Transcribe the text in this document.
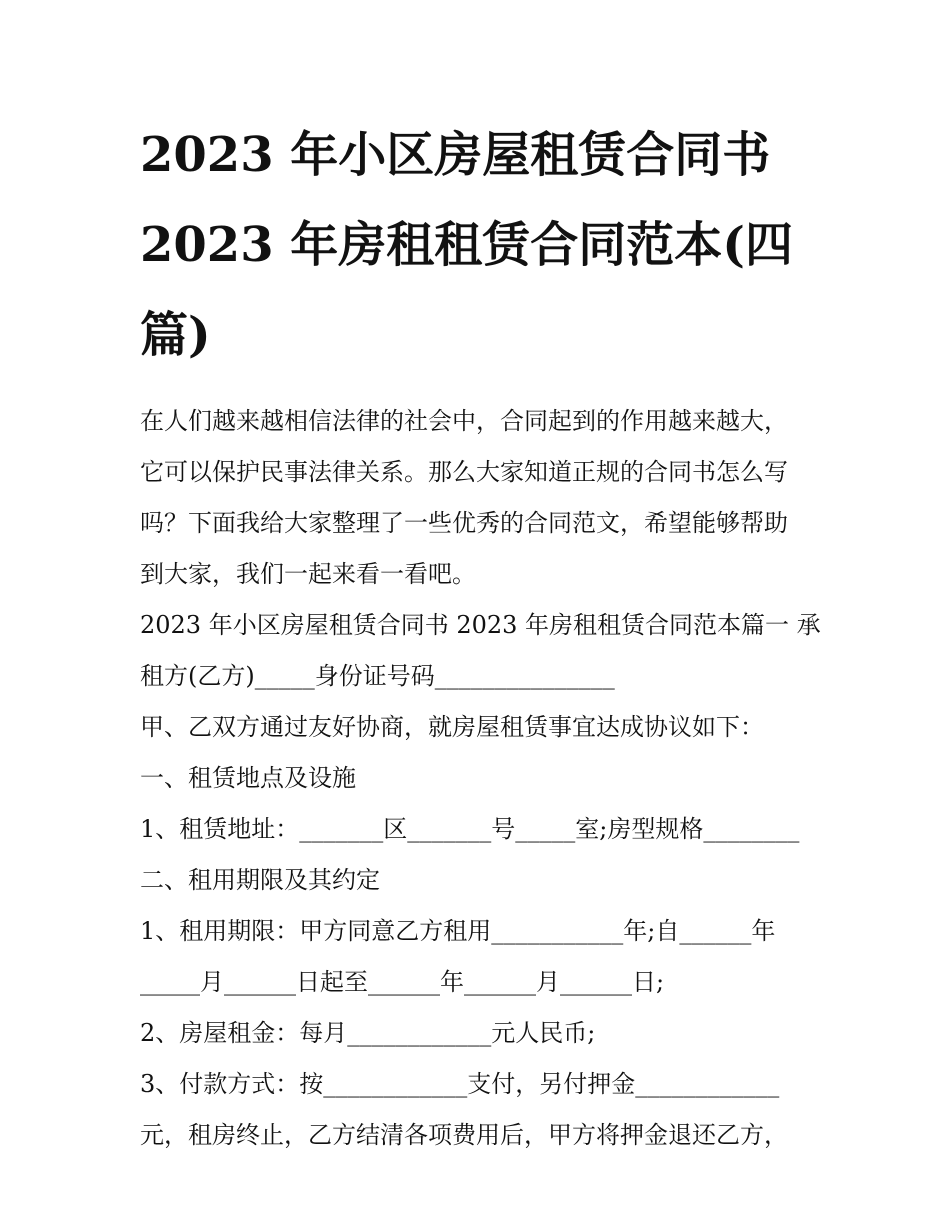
2023 年小区房屋租赁合同书
2023 年房租租赁合同范本(四
篇)

在人们越来越相信法律的社会中，合同起到的作用越来越大，

它可以保护民事法律关系。那么大家知道正规的合同书怎么写

吗？下面我给大家整理了一些优秀的合同范文，希望能够帮助

到大家，我们一起来看一看吧。

2023 年小区房屋租赁合同书 2023 年房租租赁合同范本篇一 承

租方(乙方)_____身份证号码_______________

甲、乙双方通过友好协商，就房屋租赁事宜达成协议如下：

一、租赁地点及设施

1、租赁地址：_______区_______号_____室;房型规格________

二、租用期限及其约定

1、租用期限：甲方同意乙方租用___________年;自______年

_____月______日起至______年______月______日;

2、房屋租金：每月____________元人民币;

3、付款方式：按____________支付，另付押金____________

元，租房终止，乙方结清各项费用后，甲方将押金退还乙方，
